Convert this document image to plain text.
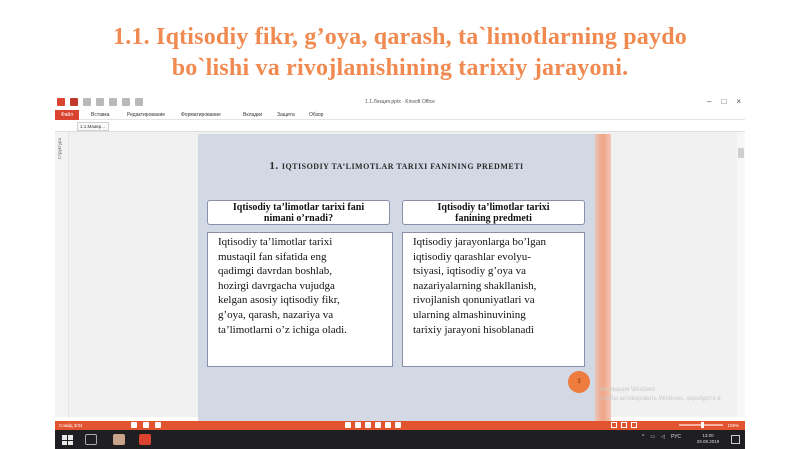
1.1. Iqtisodiy fikr, g’oya, qarash, ta`limotlarning paydo
bo`lishi va rivojlanishining tarixiy jarayoni.
1.1.Лекция.pptx · Kinsoft Office	– □ ×
Файл	Вставка	Редактирование	Форматирование	Вкладки	Защита	Обзор
1.1.Маавр...
Структура
1. IQTISODIY TA’LIMOTLAR TARIXI FANINING PREDMETI
Iqtisodiy ta’limotlar tarixi fani
nimani o’rnadi?
Iqtisodiy ta’limotlar tarixi
fanining predmeti
Iqtisodiy ta’limotlar tarixi
mustaqil fan sifatida eng
qadimgi davrdan boshlab,
hozirgi davrgacha vujudga
kelgan asosiy iqtisodiy fikr,
g’oya, qarash, nazariya va
ta’limotlarni o’z ichiga oladi.
Iqtisodiy jarayonlarga bo’lgan
iqtisodiy qarashlar evolyu-
tsiyasi, iqtisodiy g’oya va
nazariyalarning shakllanish,
rivojlanish qonuniyatlari va
ularning almashinuvining
tarixiy jarayoni hisoblanadi
3
Активация Windows
Чтобы активировать Windows, перейдите в
Слайд 3/34	106%
^ ▭ ◁ РУС	13:00
29.08.2019
